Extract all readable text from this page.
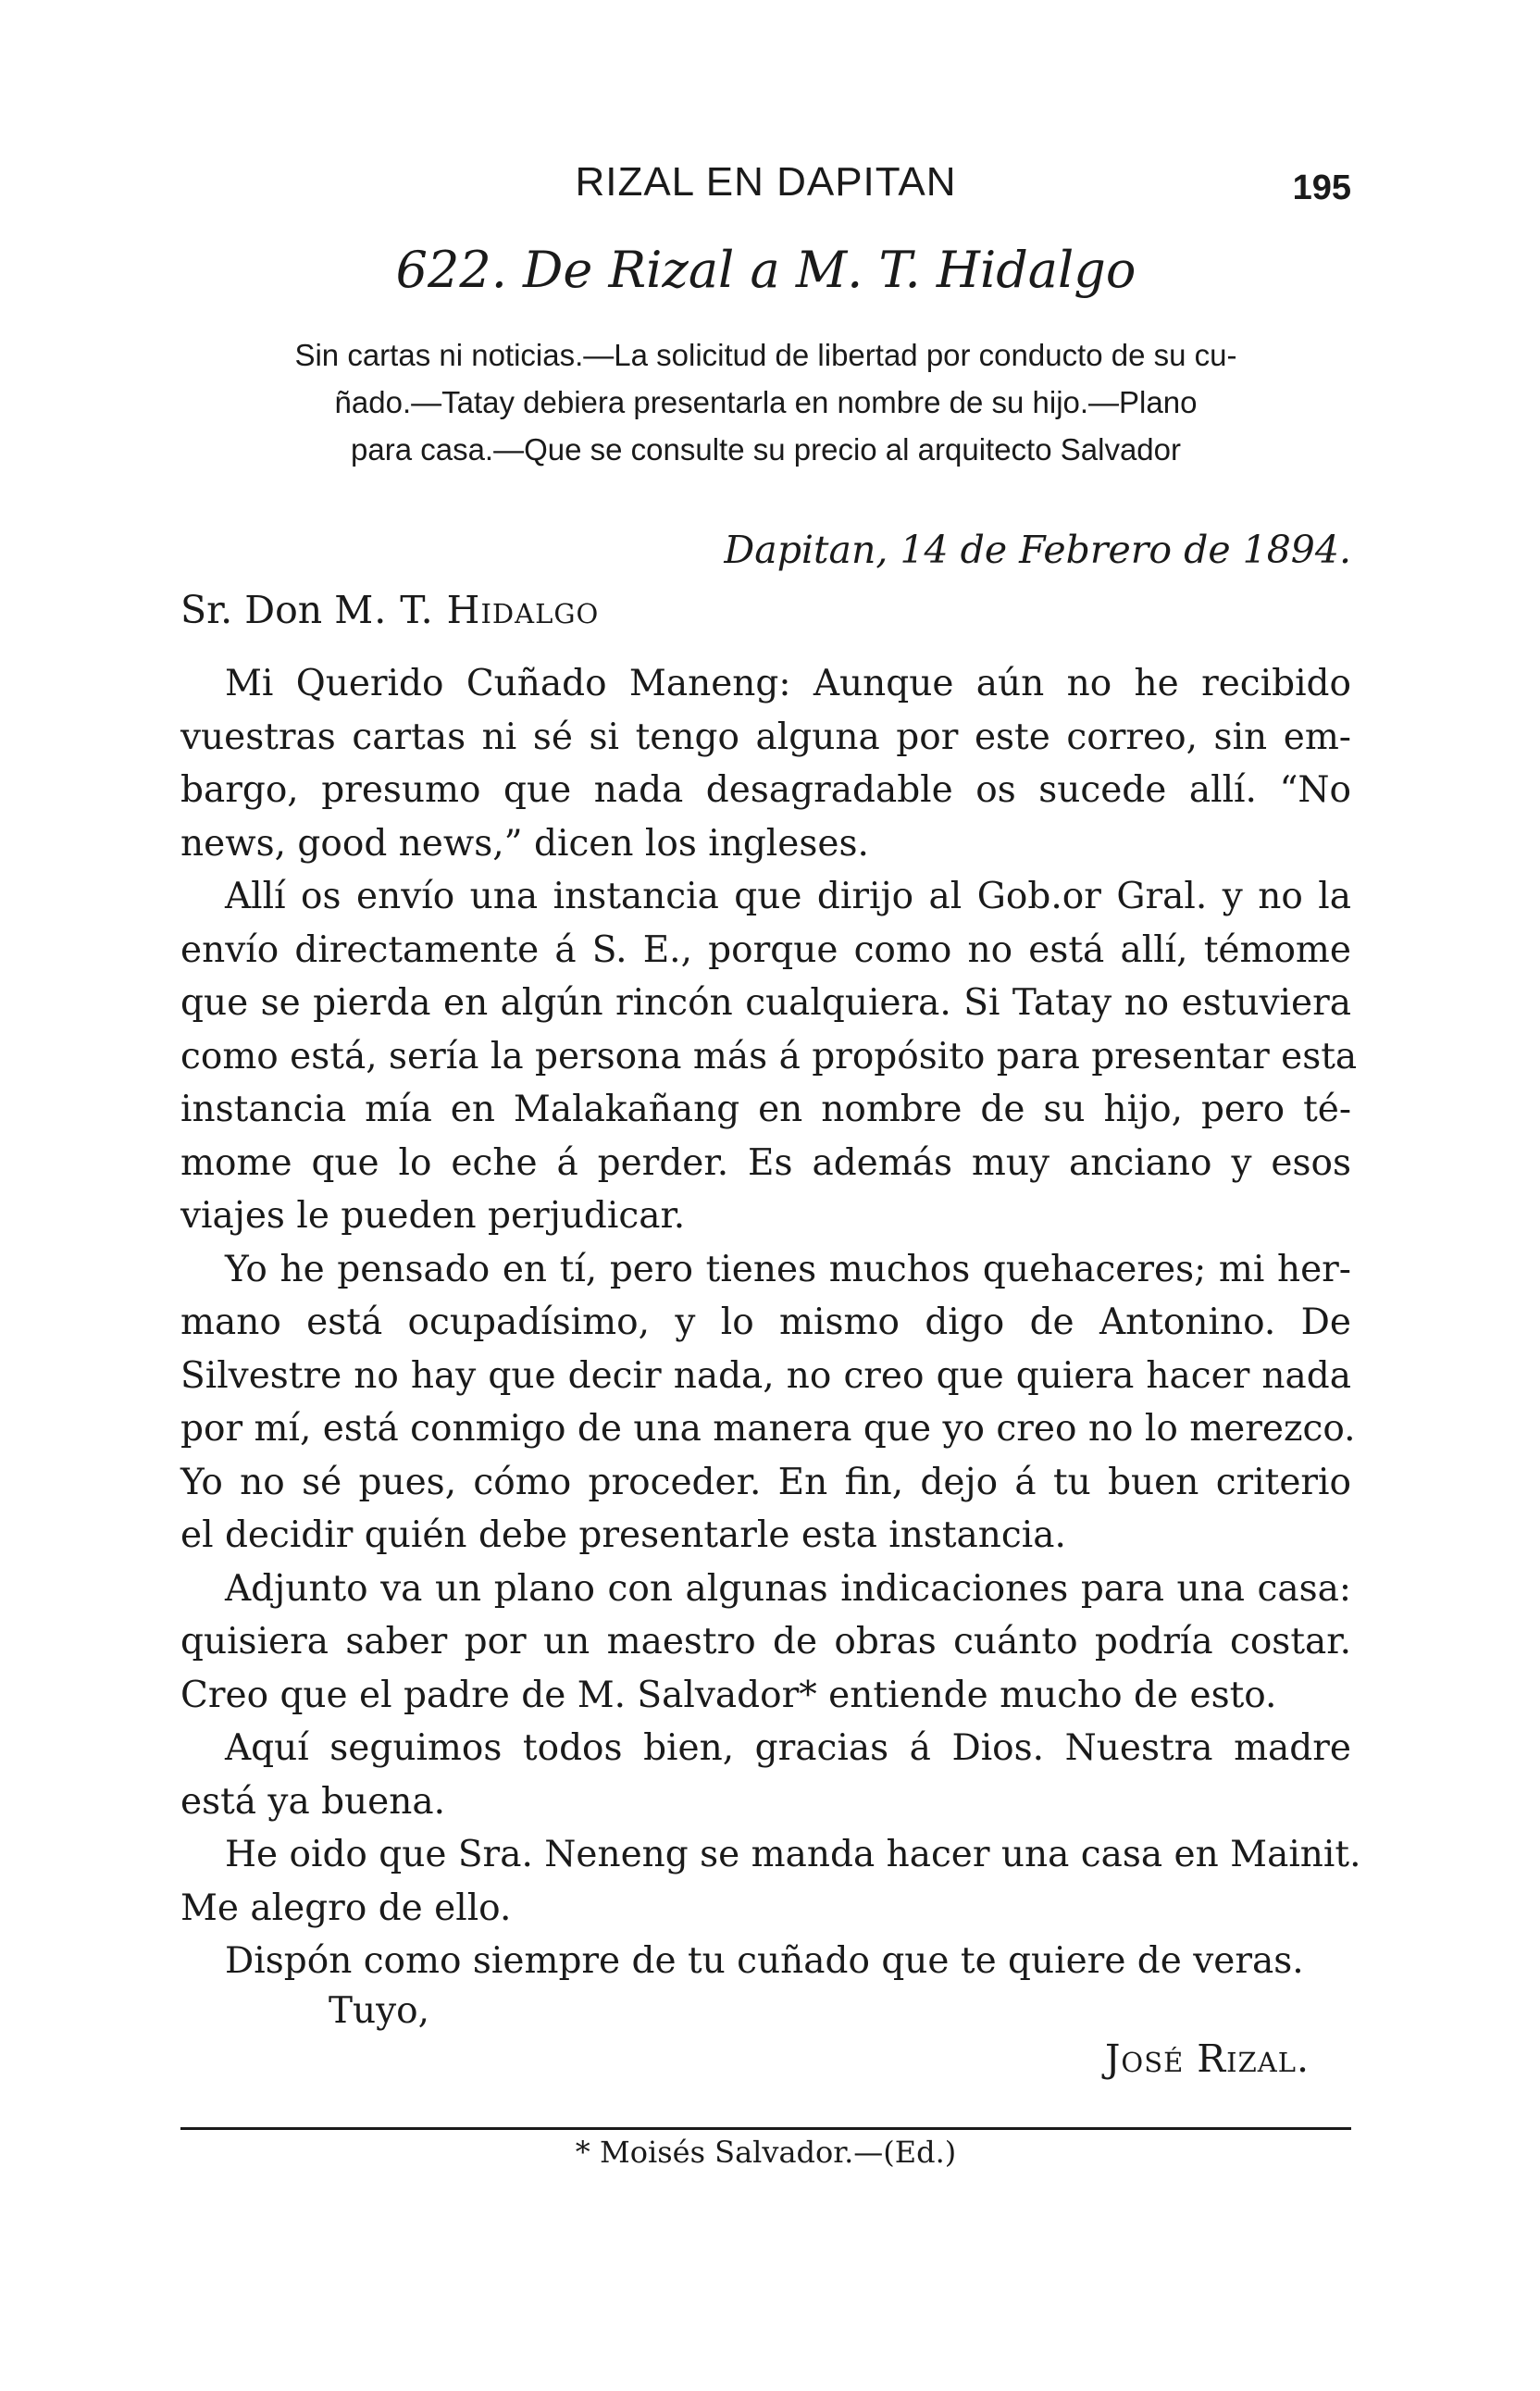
RIZAL EN DAPITAN	195
622. De Rizal a M. T. Hidalgo
Sin cartas ni noticias.—La solicitud de libertad por conducto de su cu-
ñado.—Tatay debiera presentarla en nombre de su hijo.—Plano
para casa.—Que se consulte su precio al arquitecto Salvador
Dapitan, 14 de Febrero de 1894.
Sr. Don M. T. Hidalgo
Mi Querido Cuñado Maneng: Aunque aún no he recibido
vuestras cartas ni sé si tengo alguna por este correo, sin em-
bargo, presumo que nada desagradable os sucede allí. “No
news, good news,” dicen los ingleses.
Allí os envío una instancia que dirijo al Gob.or Gral. y no la
envío directamente á S. E., porque como no está allí, témome
que se pierda en algún rincón cualquiera. Si Tatay no estuviera
como está, sería la persona más á propósito para presentar esta
instancia mía en Malakañang en nombre de su hijo, pero té-
mome que lo eche á perder. Es además muy anciano y esos
viajes le pueden perjudicar.
Yo he pensado en tí, pero tienes muchos quehaceres; mi her-
mano está ocupadísimo, y lo mismo digo de Antonino. De
Silvestre no hay que decir nada, no creo que quiera hacer nada
por mí, está conmigo de una manera que yo creo no lo merezco.
Yo no sé pues, cómo proceder. En fin, dejo á tu buen criterio
el decidir quién debe presentarle esta instancia.
Adjunto va un plano con algunas indicaciones para una casa:
quisiera saber por un maestro de obras cuánto podría costar.
Creo que el padre de M. Salvador* entiende mucho de esto.
Aquí seguimos todos bien, gracias á Dios. Nuestra madre
está ya buena.
He oido que Sra. Neneng se manda hacer una casa en Mainit.
Me alegro de ello.
Dispón como siempre de tu cuñado que te quiere de veras.
Tuyo,
José Rizal.
* Moisés Salvador.—(Ed.)
